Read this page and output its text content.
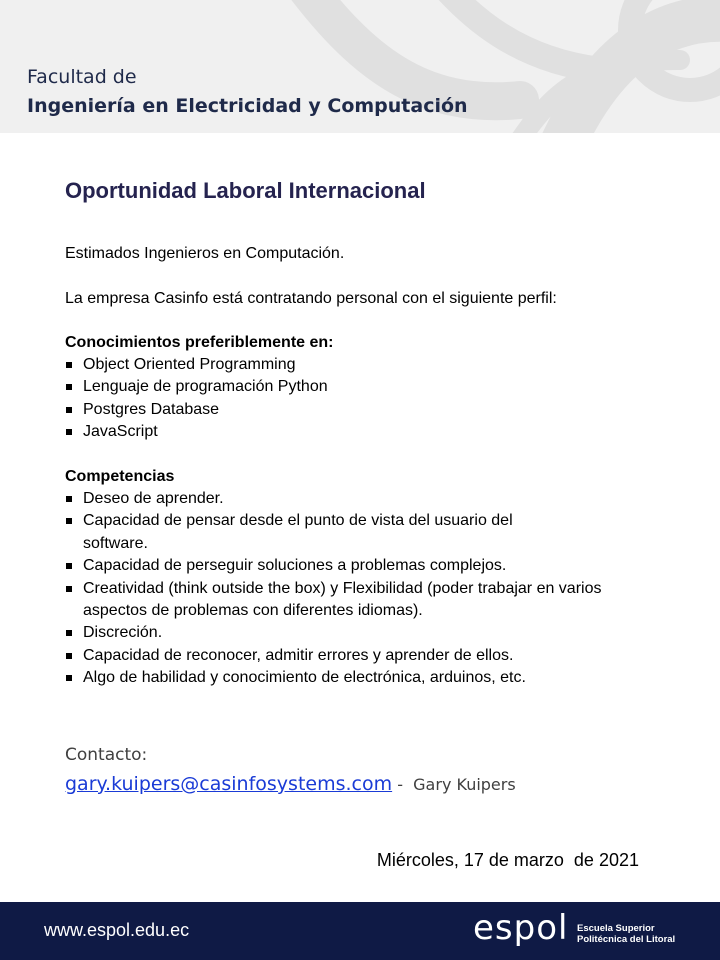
Facultad de
Ingeniería en Electricidad y Computación
Oportunidad Laboral Internacional
Estimados Ingenieros en Computación.
La empresa Casinfo está contratando personal con el siguiente perfil:
Conocimientos preferiblemente en:
Object Oriented Programming
Lenguaje de programación Python
Postgres Database
JavaScript
Competencias
Deseo de aprender.
Capacidad de pensar desde el punto de vista del usuario del software.
Capacidad de perseguir soluciones a problemas complejos.
Creatividad (think outside the box) y Flexibilidad (poder trabajar en varios aspectos de problemas con diferentes idiomas).
Discreción.
Capacidad de reconocer, admitir errores y aprender de ellos.
Algo de habilidad y conocimiento de electrónica, arduinos, etc.
Contacto:
gary.kuipers@casinfosystems.com -  Gary Kuipers
Miércoles, 17 de marzo  de 2021
www.espol.edu.ec	espol Escuela Superior
Politécnica del Litoral
